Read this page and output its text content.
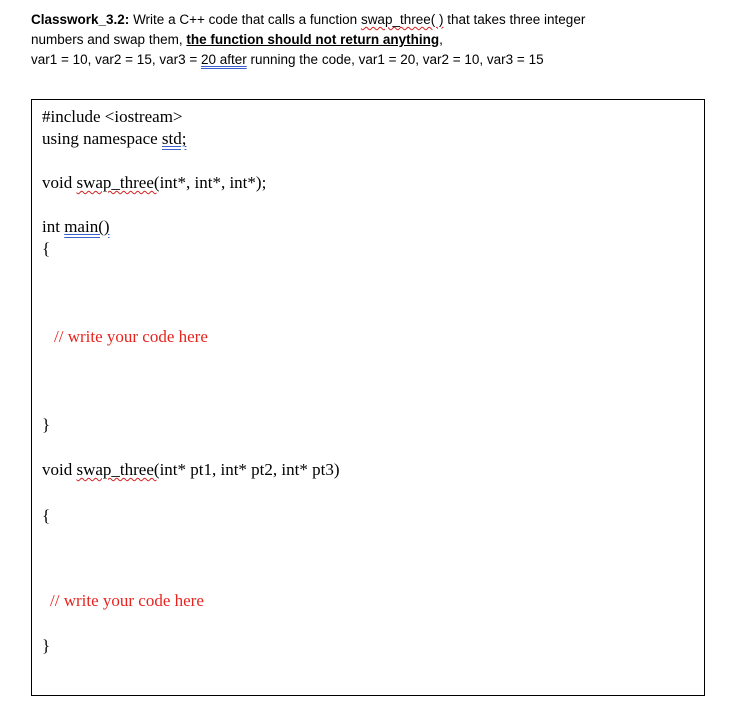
Classwork_3.2: Write a C++ code that calls a function swap_three( ) that takes three integer
numbers and swap them, the function should not return anything,
var1 = 10, var2 = 15, var3 = 20 after running the code, var1 = 20, var2 = 10, var3 = 15
#include <iostream>
using namespace std;
void swap_three(int*, int*, int*);
int main()
{
// write your code here
}
void swap_three(int* pt1, int* pt2, int* pt3)
{
// write your code here
}
